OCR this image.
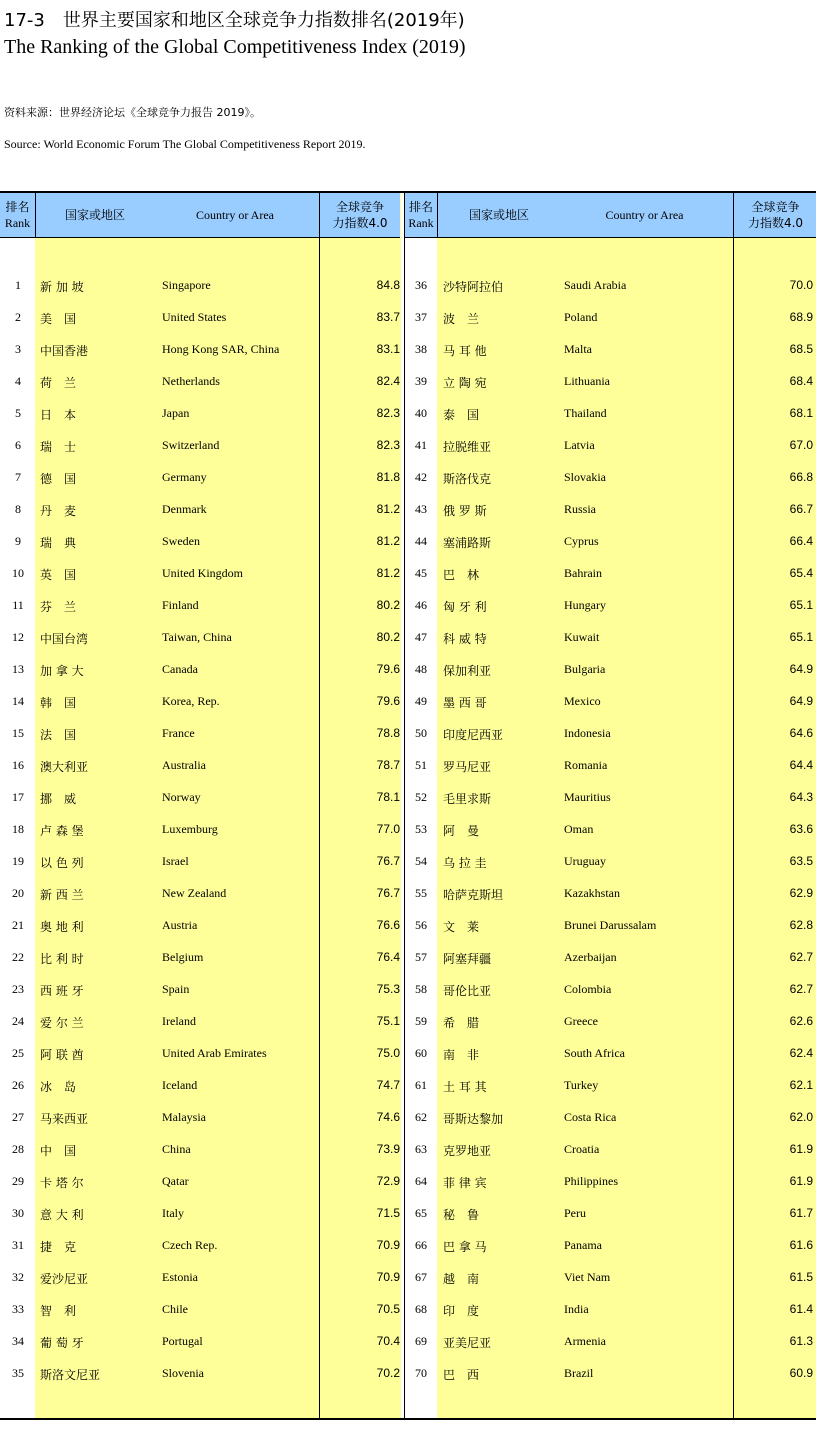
17-3　世界主要国家和地区全球竞争力指数排名(2019年)
The Ranking of the Global Competitiveness Index (2019)
资料来源：世界经济论坛《全球竞争力报告 2019》。
Source: World Economic Forum The Global Competitiveness Report 2019.
排名
Rank
国家或地区	Country or Area
全球竞争
力指数4.0
1	新 加 坡	Singapore	84.8
2	美　国	United States	83.7
3	中国香港	Hong Kong SAR, China	83.1
4	荷　兰	Netherlands	82.4
5	日　本	Japan	82.3
6	瑞　士	Switzerland	82.3
7	德　国	Germany	81.8
8	丹　麦	Denmark	81.2
9	瑞　典	Sweden	81.2
10	英　国	United Kingdom	81.2
11	芬　兰	Finland	80.2
12	中国台湾	Taiwan, China	80.2
13	加 拿 大	Canada	79.6
14	韩　国	Korea, Rep.	79.6
15	法　国	France	78.8
16	澳大利亚	Australia	78.7
17	挪　威	Norway	78.1
18	卢 森 堡	Luxemburg	77.0
19	以 色 列	Israel	76.7
20	新 西 兰	New Zealand	76.7
21	奥 地 利	Austria	76.6
22	比 利 时	Belgium	76.4
23	西 班 牙	Spain	75.3
24	爱 尔 兰	Ireland	75.1
25	阿 联 酋	United Arab Emirates	75.0
26	冰　岛	Iceland	74.7
27	马来西亚	Malaysia	74.6
28	中　国	China	73.9
29	卡 塔 尔	Qatar	72.9
30	意 大 利	Italy	71.5
31	捷　克	Czech Rep.	70.9
32	爱沙尼亚	Estonia	70.9
33	智　利	Chile	70.5
34	葡 萄 牙	Portugal	70.4
35	斯洛文尼亚	Slovenia	70.2
排名
Rank
国家或地区	Country or Area
全球竞争
力指数4.0
36	沙特阿拉伯	Saudi Arabia	70.0
37	波　兰	Poland	68.9
38	马 耳 他	Malta	68.5
39	立 陶 宛	Lithuania	68.4
40	泰　国	Thailand	68.1
41	拉脱维亚	Latvia	67.0
42	斯洛伐克	Slovakia	66.8
43	俄 罗 斯	Russia	66.7
44	塞浦路斯	Cyprus	66.4
45	巴　林	Bahrain	65.4
46	匈 牙 利	Hungary	65.1
47	科 威 特	Kuwait	65.1
48	保加利亚	Bulgaria	64.9
49	墨 西 哥	Mexico	64.9
50	印度尼西亚	Indonesia	64.6
51	罗马尼亚	Romania	64.4
52	毛里求斯	Mauritius	64.3
53	阿　曼	Oman	63.6
54	乌 拉 圭	Uruguay	63.5
55	哈萨克斯坦	Kazakhstan	62.9
56	文　莱	Brunei Darussalam	62.8
57	阿塞拜疆	Azerbaijan	62.7
58	哥伦比亚	Colombia	62.7
59	希　腊	Greece	62.6
60	南　非	South Africa	62.4
61	土 耳 其	Turkey	62.1
62	哥斯达黎加	Costa Rica	62.0
63	克罗地亚	Croatia	61.9
64	菲 律 宾	Philippines	61.9
65	秘　鲁	Peru	61.7
66	巴 拿 马	Panama	61.6
67	越　南	Viet Nam	61.5
68	印　度	India	61.4
69	亚美尼亚	Armenia	61.3
70	巴　西	Brazil	60.9
